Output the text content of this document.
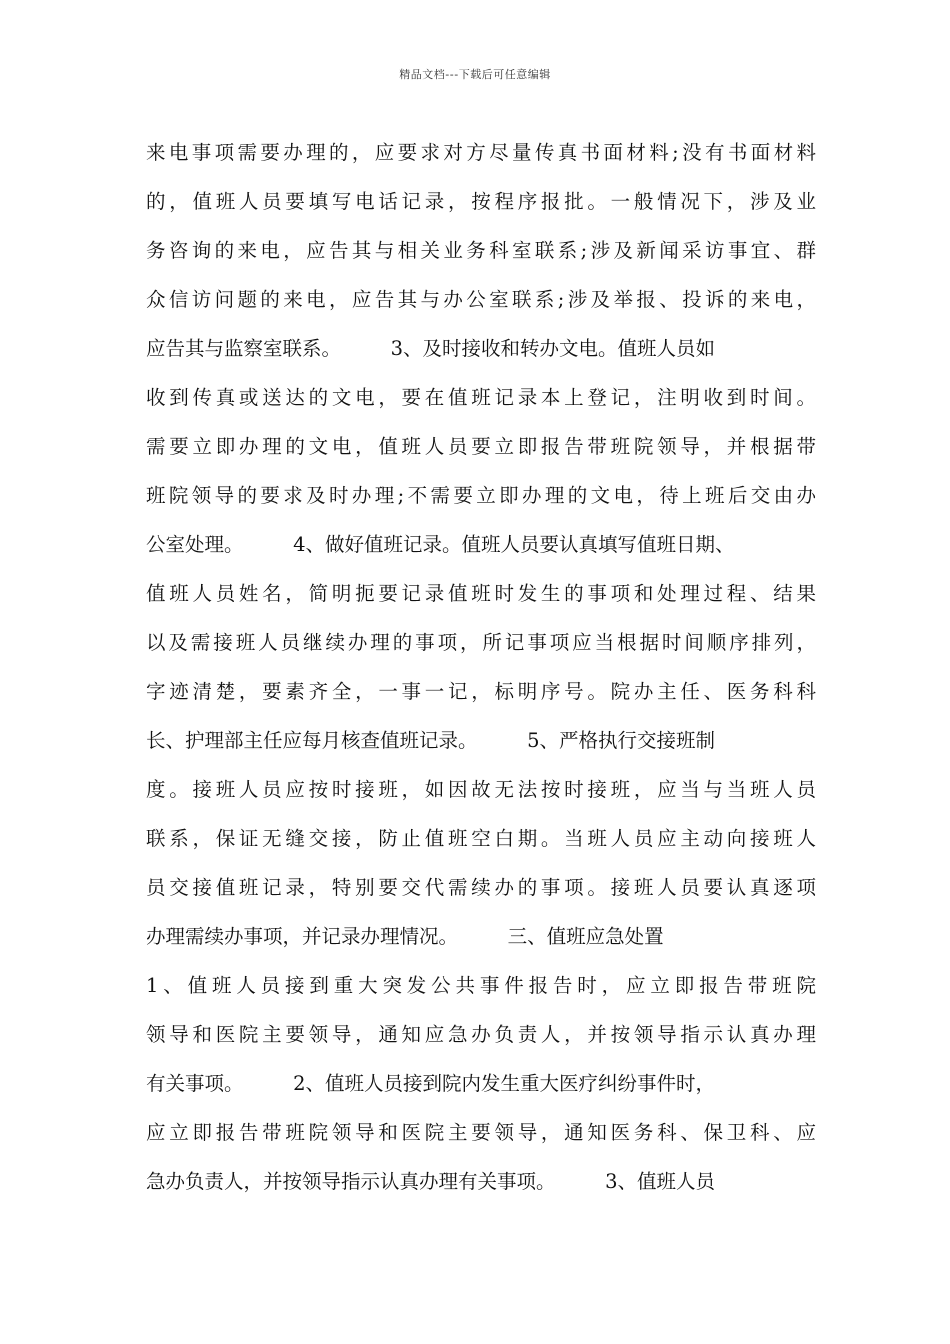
精品文档---下载后可任意编辑
来电事项需要办理的，应要求对方尽量传真书面材料;没有书面材料
的，值班人员要填写电话记录，按程序报批。一般情况下，涉及业
务咨询的来电，应告其与相关业务科室联系;涉及新闻采访事宜、群
众信访问题的来电，应告其与办公室联系;涉及举报、投诉的来电，
应告其与监察室联系。        3、及时接收和转办文电。值班人员如
收到传真或送达的文电，要在值班记录本上登记，注明收到时间。
需要立即办理的文电，值班人员要立即报告带班院领导，并根据带
班院领导的要求及时办理;不需要立即办理的文电，待上班后交由办
公室处理。        4、做好值班记录。值班人员要认真填写值班日期、
值班人员姓名，简明扼要记录值班时发生的事项和处理过程、结果
以及需接班人员继续办理的事项，所记事项应当根据时间顺序排列，
字迹清楚，要素齐全，一事一记，标明序号。院办主任、医务科科
长、护理部主任应每月核查值班记录。        5、严格执行交接班制
度。接班人员应按时接班，如因故无法按时接班，应当与当班人员
联系，保证无缝交接，防止值班空白期。当班人员应主动向接班人
员交接值班记录，特别要交代需续办的事项。接班人员要认真逐项
办理需续办事项，并记录办理情况。        三、值班应急处置
1、值班人员接到重大突发公共事件报告时，应立即报告带班院
领导和医院主要领导，通知应急办负责人，并按领导指示认真办理
有关事项。        2、值班人员接到院内发生重大医疗纠纷事件时，
应立即报告带班院领导和医院主要领导，通知医务科、保卫科、应
急办负责人，并按领导指示认真办理有关事项。        3、值班人员
